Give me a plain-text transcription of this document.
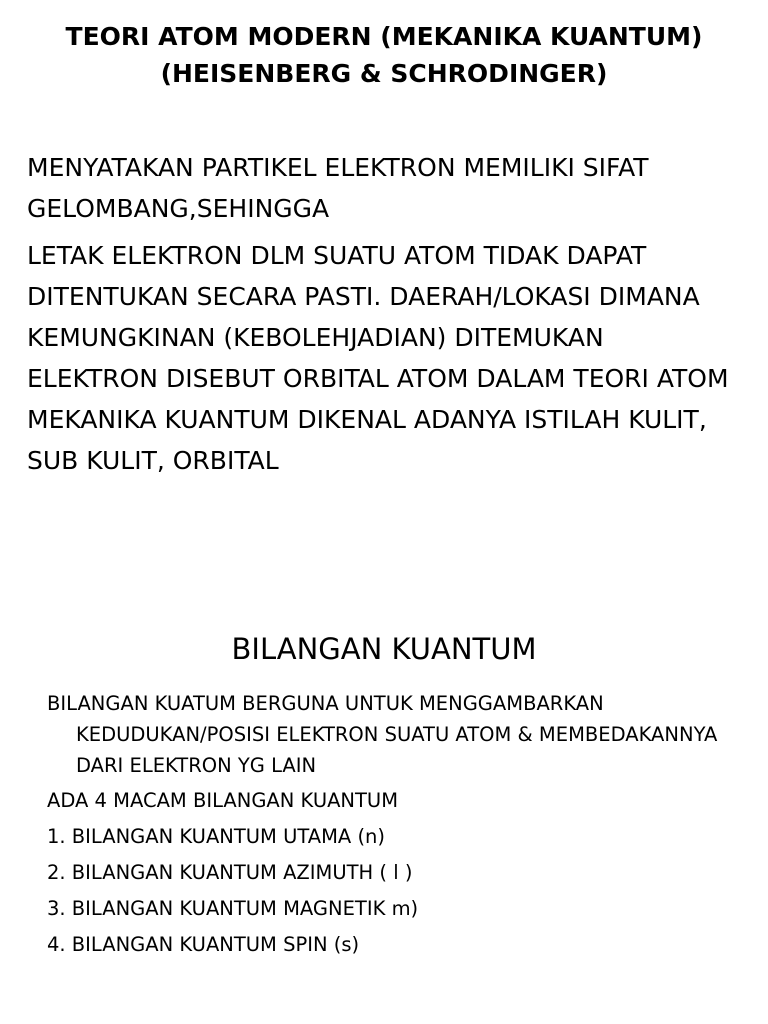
TEORI ATOM MODERN (MEKANIKA KUANTUM)
(HEISENBERG & SCHRODINGER)

MENYATAKAN PARTIKEL ELEKTRON MEMILIKI SIFAT GELOMBANG,SEHINGGA

LETAK ELEKTRON DLM SUATU ATOM TIDAK DAPAT DITENTUKAN SECARA PASTI. DAERAH/LOKASI DIMANA    KEMUNGKINAN (KEBOLEHJADIAN) DITEMUKAN  ELEKTRON DISEBUT ORBITAL ATOM DALAM TEORI ATOM MEKANIKA KUANTUM DIKENAL ADANYA ISTILAH KULIT, SUB KULIT, ORBITAL

BILANGAN KUANTUM
BILANGAN KUATUM BERGUNA UNTUK MENGGAMBARKAN KEDUDUKAN/POSISI ELEKTRON SUATU ATOM & MEMBEDAKANNYA DARI ELEKTRON YG LAIN
ADA 4 MACAM BILANGAN KUANTUM
1. BILANGAN KUANTUM UTAMA (n)
2. BILANGAN KUANTUM AZIMUTH ( l )
3. BILANGAN KUANTUM MAGNETIK m)
4. BILANGAN KUANTUM SPIN (s)
